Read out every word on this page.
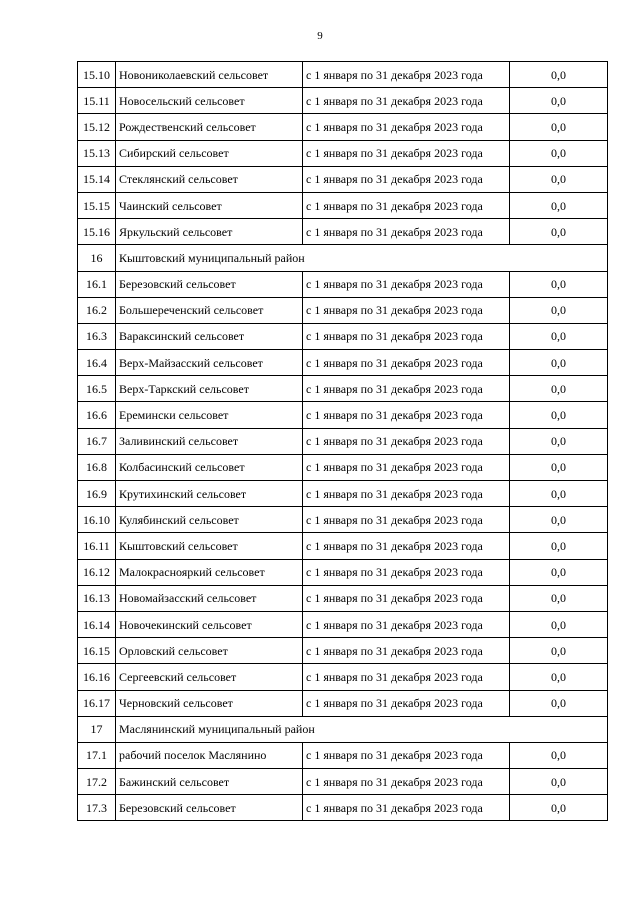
9
15.10	Новониколаевский сельсовет	с 1 января по 31 декабря 2023 года	0,0
15.11	Новосельский сельсовет	с 1 января по 31 декабря 2023 года	0,0
15.12	Рождественский сельсовет	с 1 января по 31 декабря 2023 года	0,0
15.13	Сибирский сельсовет	с 1 января по 31 декабря 2023 года	0,0
15.14	Стеклянский сельсовет	с 1 января по 31 декабря 2023 года	0,0
15.15	Чаинский сельсовет	с 1 января по 31 декабря 2023 года	0,0
15.16	Яркульский сельсовет	с 1 января по 31 декабря 2023 года	0,0
16	Кыштовский муниципальный район		
16.1	Березовский сельсовет	с 1 января по 31 декабря 2023 года	0,0
16.2	Большереченский сельсовет	с 1 января по 31 декабря 2023 года	0,0
16.3	Вараксинский сельсовет	с 1 января по 31 декабря 2023 года	0,0
16.4	Верх-Майзасский сельсовет	с 1 января по 31 декабря 2023 года	0,0
16.5	Верх-Таркский сельсовет	с 1 января по 31 декабря 2023 года	0,0
16.6	Еремински сельсовет	с 1 января по 31 декабря 2023 года	0,0
16.7	Заливинский сельсовет	с 1 января по 31 декабря 2023 года	0,0
16.8	Колбасинский сельсовет	с 1 января по 31 декабря 2023 года	0,0
16.9	Крутихинский сельсовет	с 1 января по 31 декабря 2023 года	0,0
16.10	Кулябинский сельсовет	с 1 января по 31 декабря 2023 года	0,0
16.11	Кыштовский сельсовет	с 1 января по 31 декабря 2023 года	0,0
16.12	Малокраснояркий сельсовет	с 1 января по 31 декабря 2023 года	0,0
16.13	Новомайзасский сельсовет	с 1 января по 31 декабря 2023 года	0,0
16.14	Новочекинский сельсовет	с 1 января по 31 декабря 2023 года	0,0
16.15	Орловский сельсовет	с 1 января по 31 декабря 2023 года	0,0
16.16	Сергеевский сельсовет	с 1 января по 31 декабря 2023 года	0,0
16.17	Черновский сельсовет	с 1 января по 31 декабря 2023 года	0,0
17	Маслянинский муниципальный район		
17.1	рабочий поселок Маслянино	с 1 января по 31 декабря 2023 года	0,0
17.2	Бажинский сельсовет	с 1 января по 31 декабря 2023 года	0,0
17.3	Березовский сельсовет	с 1 января по 31 декабря 2023 года	0,0
